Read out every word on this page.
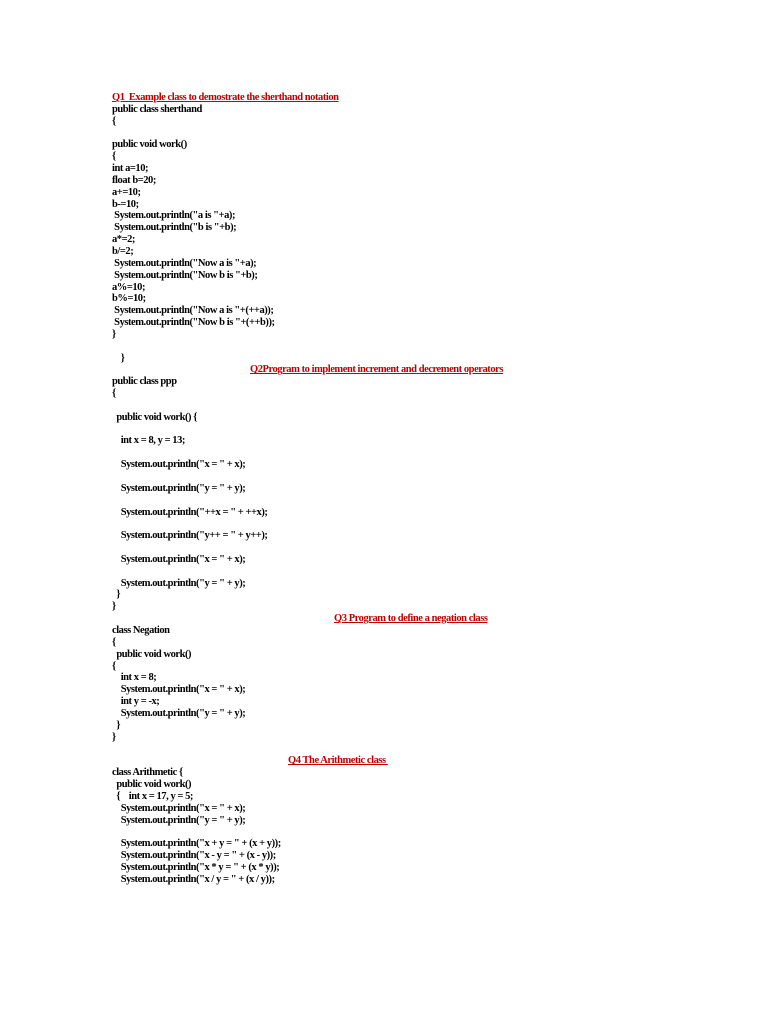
Q1  Example class to demostrate the sherthand notation
public class sherthand
{
public void work()
{
int a=10;
float b=20;
a+=10;
b-=10;
System.out.println("a is "+a);
System.out.println("b is "+b);
a*=2;
b/=2;
System.out.println("Now a is "+a);
System.out.println("Now b is "+b);
a%=10;
b%=10;
System.out.println("Now a is "+(++a));
System.out.println("Now b is "+(++b));
}
}
Q2Program to implement increment and decrement operators
public class ppp
{
public void work() {
int x = 8, y = 13;
System.out.println("x = " + x);
System.out.println("y = " + y);
System.out.println("++x = " + ++x);
System.out.println("y++ = " + y++);
System.out.println("x = " + x);
System.out.println("y = " + y);
}
}
Q3 Program to define a negation class
class Negation
{
public void work()
{
int x = 8;
System.out.println("x = " + x);
int y = -x;
System.out.println("y = " + y);
}
}
Q4 The Arithmetic class
class Arithmetic {
public void work()
{    int x = 17, y = 5;
System.out.println("x = " + x);
System.out.println("y = " + y);
System.out.println("x + y = " + (x + y));
System.out.println("x - y = " + (x - y));
System.out.println("x * y = " + (x * y));
System.out.println("x / y = " + (x / y));
